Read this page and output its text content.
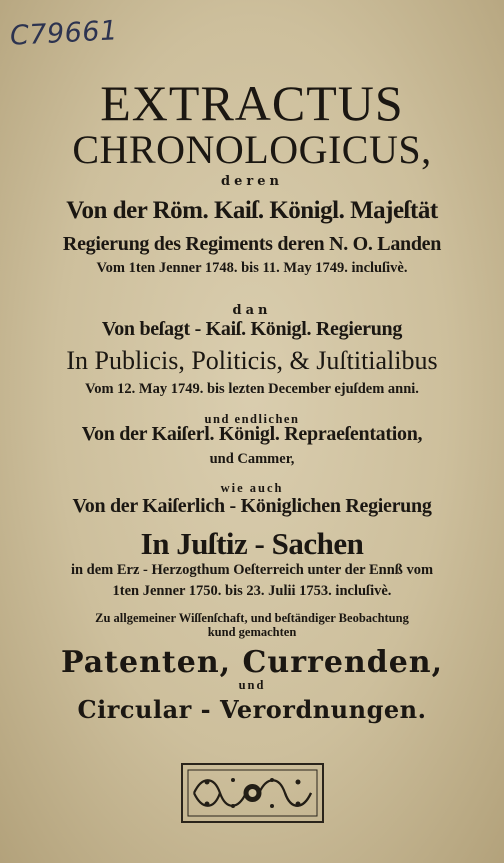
C79661

EXTRACTUS

CHRONOLOGICUS,

deren

Von der Röm. Kaiſ. Königl. Majeſtät

Regierung des Regiments deren N. O. Landen

Vom 1ten Jenner 1748. bis 11. May 1749. incluſivè.

dan

Von beſagt - Kaiſ. Königl. Regierung

In Publicis, Politicis, & Juſtitialibus

Vom 12. May 1749. bis lezten December ejuſdem anni.

und endlichen

Von der Kaiſerl. Königl. Repraeſentation,

und Cammer,

wie auch

Von der Kaiſerlich - Königlichen Regierung

In Juſtiz - Sachen

in dem Erz - Herzogthum Oeſterreich unter der Ennß vom

1ten Jenner 1750. bis 23. Julii 1753. incluſivè.

Zu allgemeiner Wiſſenſchaft, und beſtändiger Beobachtung

kund gemachten

Patenten, Currenden,

und

Circular - Verordnungen.
